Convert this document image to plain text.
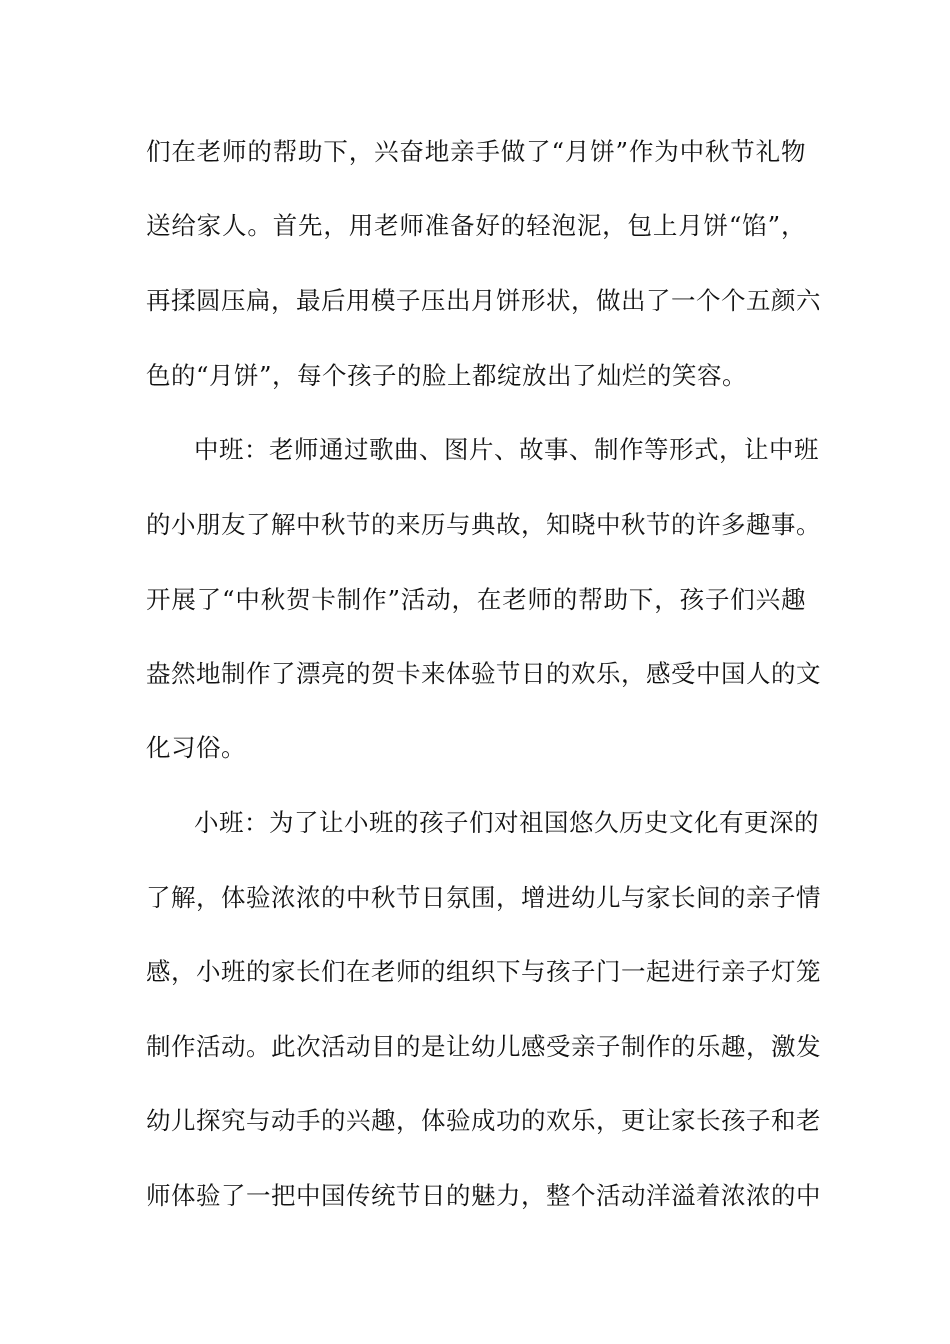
们在老师的帮助下，兴奋地亲手做了“月饼”作为中秋节礼物
送给家人。首先，用老师准备好的轻泡泥，包上月饼“馅”，
再揉圆压扁，最后用模子压出月饼形状，做出了一个个五颜六
色的“月饼”，每个孩子的脸上都绽放出了灿烂的笑容。
中班：老师通过歌曲、图片、故事、制作等形式，让中班
的小朋友了解中秋节的来历与典故，知晓中秋节的许多趣事。
开展了“中秋贺卡制作”活动，在老师的帮助下，孩子们兴趣
盎然地制作了漂亮的贺卡来体验节日的欢乐，感受中国人的文
化习俗。
小班：为了让小班的孩子们对祖国悠久历史文化有更深的
了解，体验浓浓的中秋节日氛围，增进幼儿与家长间的亲子情
感，小班的家长们在老师的组织下与孩子门一起进行亲子灯笼
制作活动。此次活动目的是让幼儿感受亲子制作的乐趣，激发
幼儿探究与动手的兴趣，体验成功的欢乐，更让家长孩子和老
师体验了一把中国传统节日的魅力，整个活动洋溢着浓浓的中
